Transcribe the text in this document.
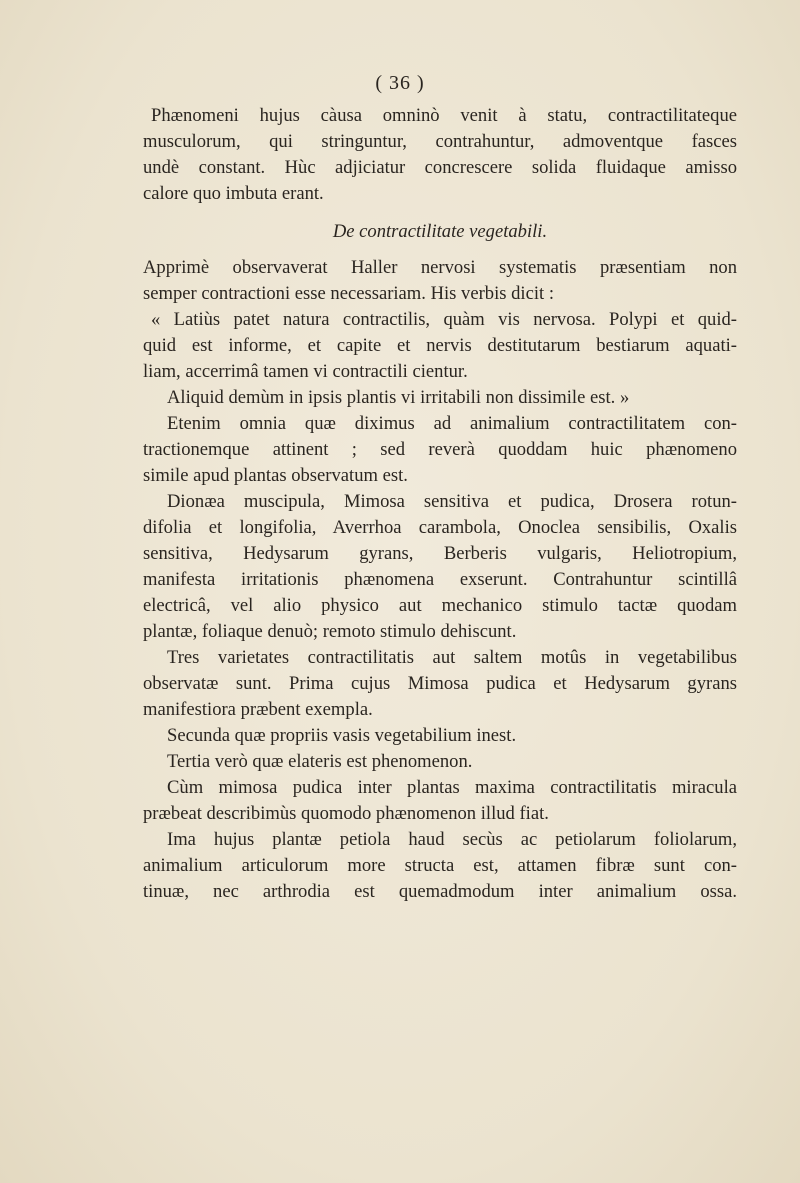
( 36 )
Phænomeni hujus càusa omninò venit à statu, contractilitateque
musculorum, qui stringuntur, contrahuntur, admoventque fasces
undè constant. Hùc adjiciatur concrescere solida fluidaque amisso
calore quo imbuta erant.
De contractilitate vegetabili.
Apprimè observaverat Haller nervosi systematis præsentiam non
semper contractioni esse necessariam. His verbis dicit :
« Latiùs patet natura contractilis, quàm vis nervosa. Polypi et quid-
quid est informe, et capite et nervis destitutarum bestiarum aquati-
liam, accerrimâ tamen vi contractili cientur.
Aliquid demùm in ipsis plantis vi irritabili non dissimile est. »
Etenim omnia quæ diximus ad animalium contractilitatem con-
tractionemque attinent ; sed reverà quoddam huic phænomeno
simile apud plantas observatum est.
Dionæa muscipula, Mimosa sensitiva et pudica, Drosera rotun-
difolia et longifolia, Averrhoa carambola, Onoclea sensibilis, Oxalis
sensitiva, Hedysarum gyrans, Berberis vulgaris, Heliotropium,
manifesta irritationis phænomena exserunt. Contrahuntur scintillâ
electricâ, vel alio physico aut mechanico stimulo tactæ quodam
plantæ, foliaque denuò; remoto stimulo dehiscunt.
Tres varietates contractilitatis aut saltem motûs in vegetabilibus
observatæ sunt. Prima cujus Mimosa pudica et Hedysarum gyrans
manifestiora præbent exempla.
Secunda quæ propriis vasis vegetabilium inest.
Tertia verò quæ elateris est phenomenon.
Cùm mimosa pudica inter plantas maxima contractilitatis miracula
præbeat describimùs quomodo phænomenon illud fiat.
Ima hujus plantæ petiola haud secùs ac petiolarum foliolarum,
animalium articulorum more structa est, attamen fibræ sunt con-
tinuæ, nec arthrodia est quemadmodum inter animalium ossa.
